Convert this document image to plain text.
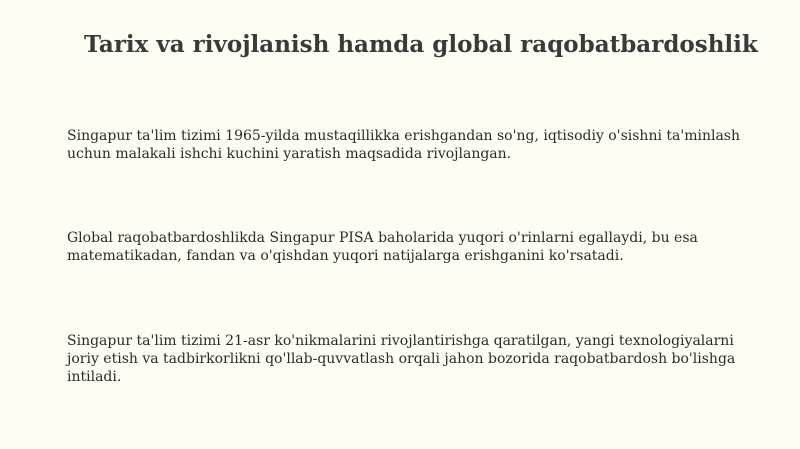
Tarix va rivojlanish hamda global raqobatbardoshlik

Singapur ta'lim tizimi 1965-yilda mustaqillikka erishgandan so'ng, iqtisodiy o'sishni ta'minlash uchun malakali ishchi kuchini yaratish maqsadida rivojlangan.

Global raqobatbardoshlikda Singapur PISA baholarida yuqori o'rinlarni egallaydi, bu esa matematikadan, fandan va o'qishdan yuqori natijalarga erishganini ko'rsatadi.

Singapur ta'lim tizimi 21-asr ko'nikmalarini rivojlantirishga qaratilgan, yangi texnologiyalarni joriy etish va tadbirkorlikni qo'llab-quvvatlash orqali jahon bozorida raqobatbardosh bo'lishga intiladi.
